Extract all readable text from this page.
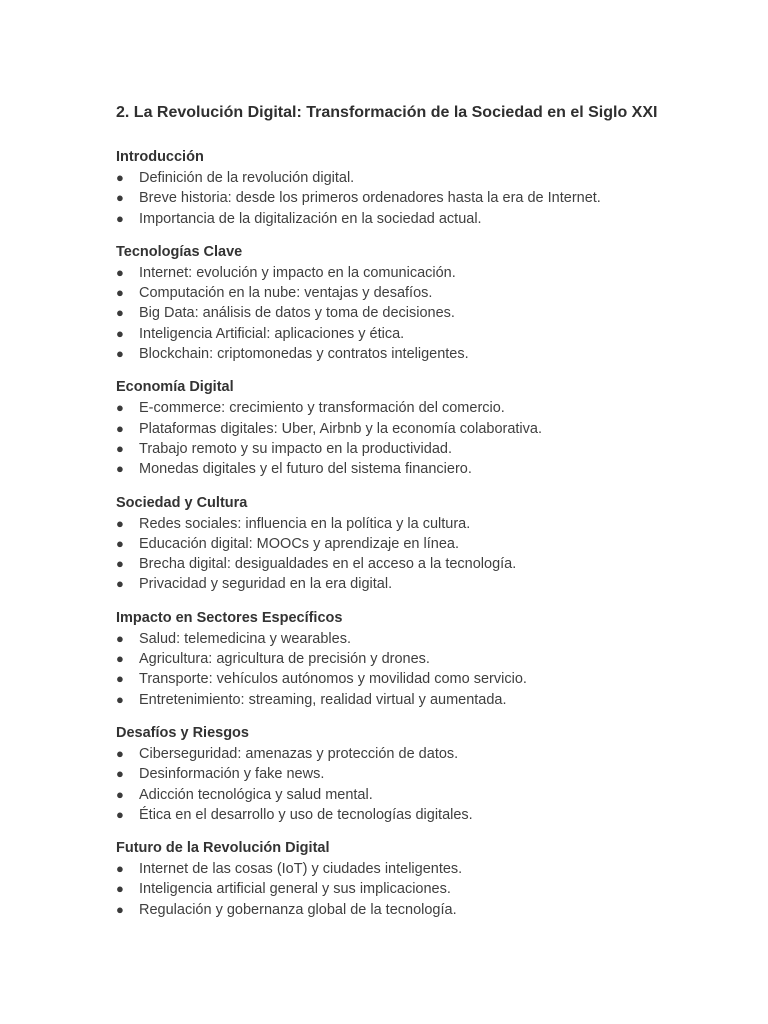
2. La Revolución Digital: Transformación de la Sociedad en el Siglo XXI
Introducción
● Definición de la revolución digital.
● Breve historia: desde los primeros ordenadores hasta la era de Internet.
● Importancia de la digitalización en la sociedad actual.
Tecnologías Clave
● Internet: evolución y impacto en la comunicación.
● Computación en la nube: ventajas y desafíos.
● Big Data: análisis de datos y toma de decisiones.
● Inteligencia Artificial: aplicaciones y ética.
● Blockchain: criptomonedas y contratos inteligentes.
Economía Digital
● E-commerce: crecimiento y transformación del comercio.
● Plataformas digitales: Uber, Airbnb y la economía colaborativa.
● Trabajo remoto y su impacto en la productividad.
● Monedas digitales y el futuro del sistema financiero.
Sociedad y Cultura
● Redes sociales: influencia en la política y la cultura.
● Educación digital: MOOCs y aprendizaje en línea.
● Brecha digital: desigualdades en el acceso a la tecnología.
● Privacidad y seguridad en la era digital.
Impacto en Sectores Específicos
● Salud: telemedicina y wearables.
● Agricultura: agricultura de precisión y drones.
● Transporte: vehículos autónomos y movilidad como servicio.
● Entretenimiento: streaming, realidad virtual y aumentada.
Desafíos y Riesgos
● Ciberseguridad: amenazas y protección de datos.
● Desinformación y fake news.
● Adicción tecnológica y salud mental.
● Ética en el desarrollo y uso de tecnologías digitales.
Futuro de la Revolución Digital
● Internet de las cosas (IoT) y ciudades inteligentes.
● Inteligencia artificial general y sus implicaciones.
● Regulación y gobernanza global de la tecnología.
